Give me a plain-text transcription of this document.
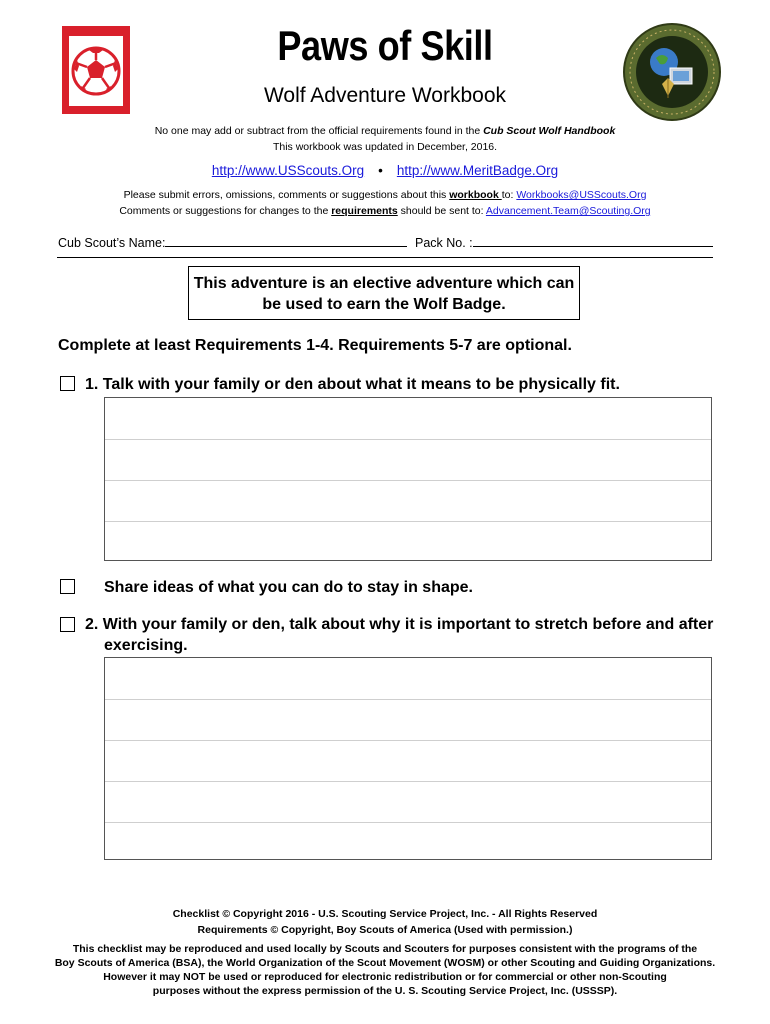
Paws of Skill
Wolf Adventure Workbook
No one may add or subtract from the official requirements found in the Cub Scout Wolf Handbook
This workbook was updated in December, 2016.
http://www.USScouts.Org • http://www.MeritBadge.Org
Please submit errors, omissions, comments or suggestions about this workbook to: Workbooks@USScouts.Org
Comments or suggestions for changes to the requirements should be sent to: Advancement.Team@Scouting.Org
Cub Scout’s Name:	Pack No. :
This adventure is an elective adventure which can be used to earn the Wolf Badge.
Complete at least Requirements 1-4. Requirements 5-7 are optional.
1. Talk with your family or den about what it means to be physically fit.
Share ideas of what you can do to stay in shape.
2. With your family or den, talk about why it is important to stretch before and after exercising.
Checklist © Copyright 2016 - U.S. Scouting Service Project, Inc. - All Rights Reserved
Requirements © Copyright, Boy Scouts of America (Used with permission.)
This checklist may be reproduced and used locally by Scouts and Scouters for purposes consistent with the programs of the
Boy Scouts of America (BSA), the World Organization of the Scout Movement (WOSM) or other Scouting and Guiding Organizations.
However it may NOT be used or reproduced for electronic redistribution or for commercial or other non-Scouting
purposes without the express permission of the U. S. Scouting Service Project, Inc. (USSSP).
